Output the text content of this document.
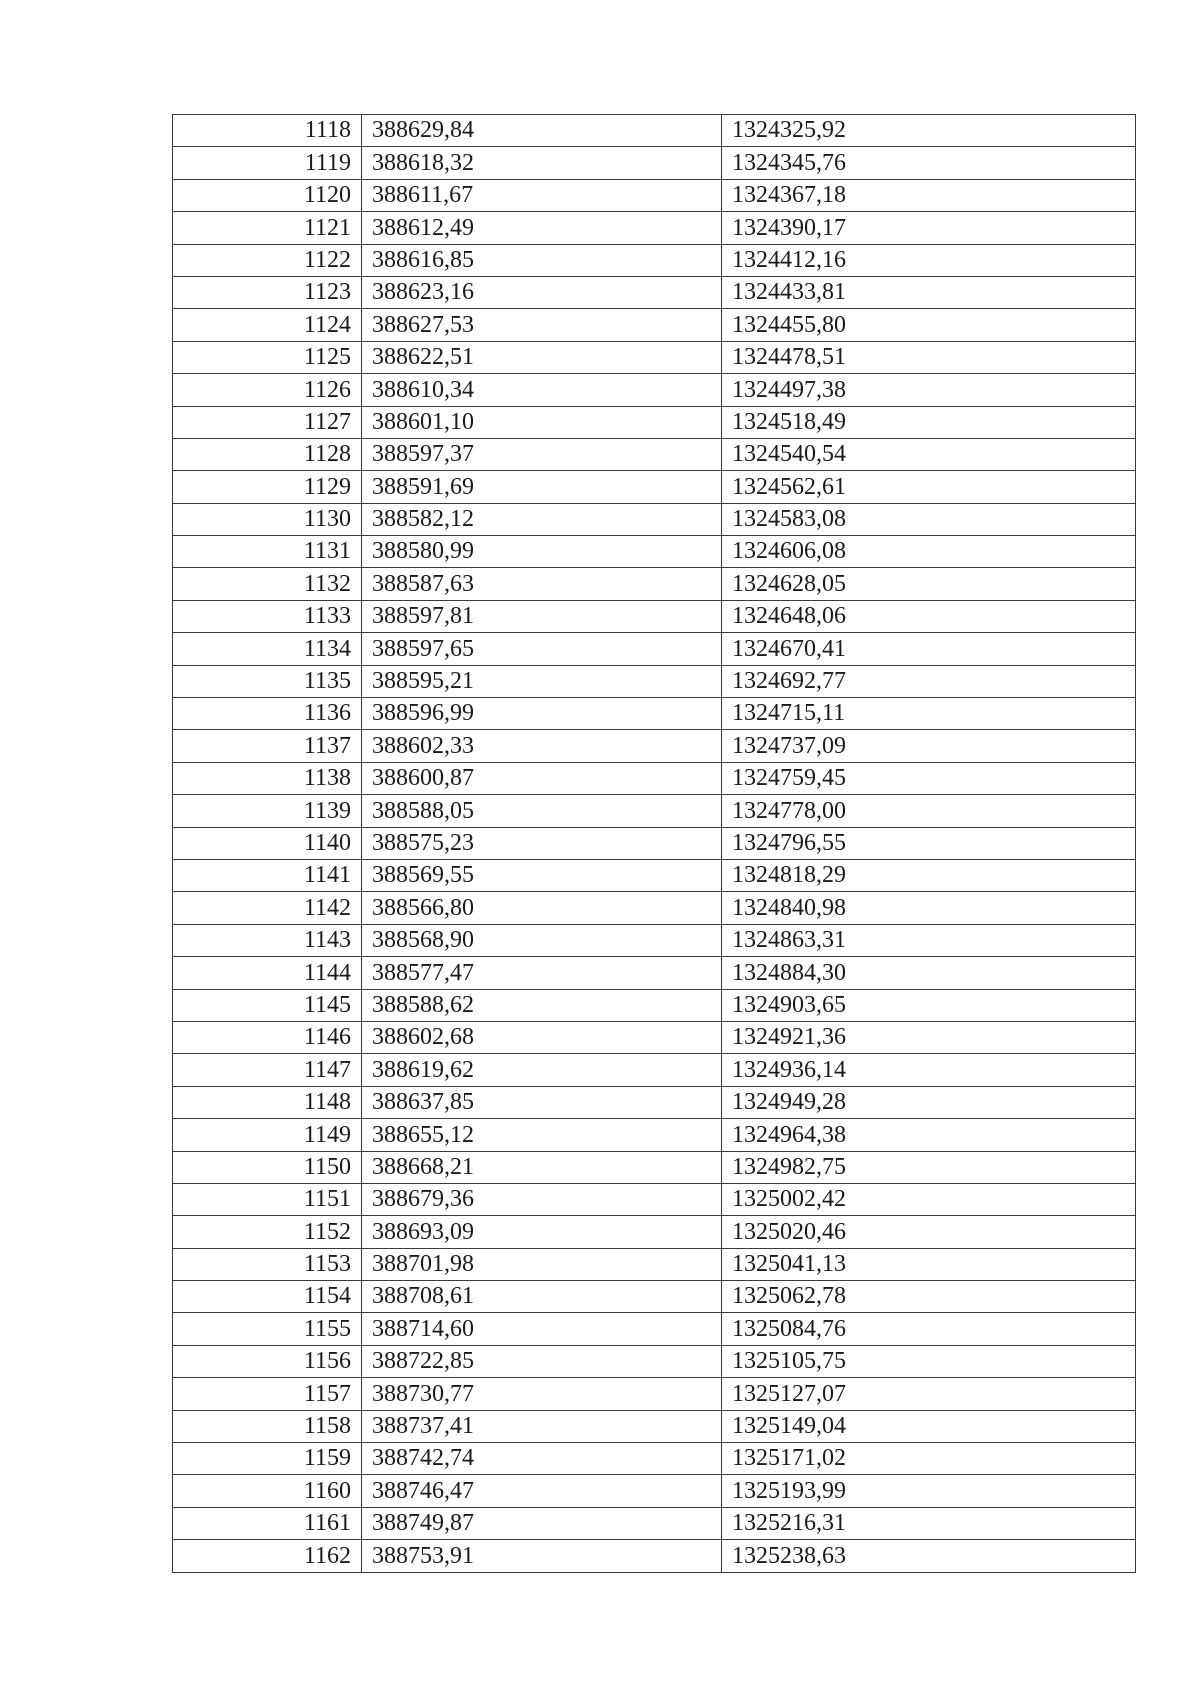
1118	388629,84	1324325,92
1119	388618,32	1324345,76
1120	388611,67	1324367,18
1121	388612,49	1324390,17
1122	388616,85	1324412,16
1123	388623,16	1324433,81
1124	388627,53	1324455,80
1125	388622,51	1324478,51
1126	388610,34	1324497,38
1127	388601,10	1324518,49
1128	388597,37	1324540,54
1129	388591,69	1324562,61
1130	388582,12	1324583,08
1131	388580,99	1324606,08
1132	388587,63	1324628,05
1133	388597,81	1324648,06
1134	388597,65	1324670,41
1135	388595,21	1324692,77
1136	388596,99	1324715,11
1137	388602,33	1324737,09
1138	388600,87	1324759,45
1139	388588,05	1324778,00
1140	388575,23	1324796,55
1141	388569,55	1324818,29
1142	388566,80	1324840,98
1143	388568,90	1324863,31
1144	388577,47	1324884,30
1145	388588,62	1324903,65
1146	388602,68	1324921,36
1147	388619,62	1324936,14
1148	388637,85	1324949,28
1149	388655,12	1324964,38
1150	388668,21	1324982,75
1151	388679,36	1325002,42
1152	388693,09	1325020,46
1153	388701,98	1325041,13
1154	388708,61	1325062,78
1155	388714,60	1325084,76
1156	388722,85	1325105,75
1157	388730,77	1325127,07
1158	388737,41	1325149,04
1159	388742,74	1325171,02
1160	388746,47	1325193,99
1161	388749,87	1325216,31
1162	388753,91	1325238,63
